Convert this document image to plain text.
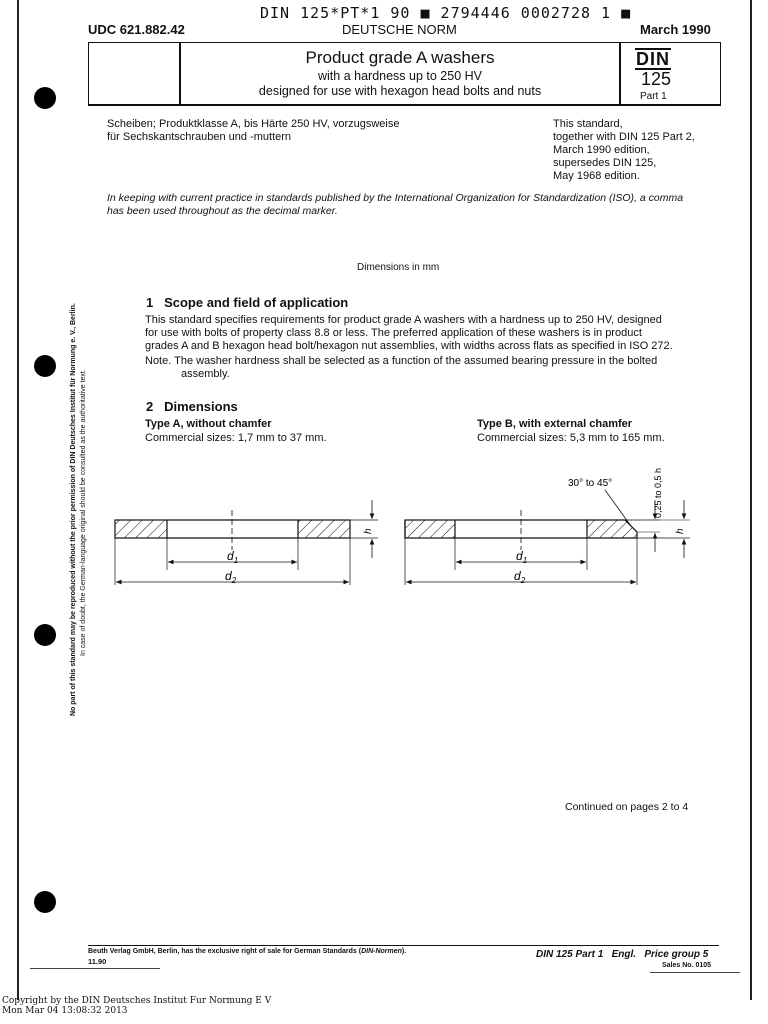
DIN 125*PT*1 90 ■ 2794446 0002728 1 ■
UDC 621.882.42	DEUTSCHE NORM	March 1990
Product grade A washers
with a hardness up to 250 HV
designed for use with hexagon head bolts and nuts
DIN
125
Part 1
Scheiben; Produktklasse A, bis Härte 250 HV, vorzugsweise
für Sechskantschrauben und -muttern
This standard,
together with DIN 125 Part 2,
March 1990 edition,
supersedes DIN 125,
May 1968 edition.
In keeping with current practice in standards published by the International Organization for Standardization (ISO), a comma
has been used throughout as the decimal marker.
Dimensions in mm
1   Scope and field of application
This standard specifies requirements for product grade A washers with a hardness up to 250 HV, designed
for use with bolts of property class 8.8 or less. The preferred application of these washers is in product
grades A and B hexagon head bolt/hexagon nut assemblies, with widths across flats as specified in ISO 272.
Note. The washer hardness shall be selected as a function of the assumed bearing pressure in the bolted
assembly.
2   Dimensions
Type A, without chamfer
Commercial sizes: 1,7 mm to 37 mm.
Type B, with external chamfer
Commercial sizes: 5,3 mm to 165 mm.
$d_1$
$d_2$
h
$d_1$
$d_2$
30° to 45°	0,25 to 0,5 h
h
Continued on pages 2 to 4
No part of this standard may be reproduced without the prior permission of DIN Deutsches Institut für Normung e. V., Berlin. In case of doubt, the German-language original should be consulted as the authoritative text.
Beuth Verlag GmbH, Berlin, has the exclusive right of sale for German Standards (DIN-Normen).
11.90
DIN 125 Part 1   Engl.   Price group 5
Sales No. 0105
Copyright by the DIN Deutsches Institut Fur Normung E V
Mon Mar 04 13:08:32 2013
